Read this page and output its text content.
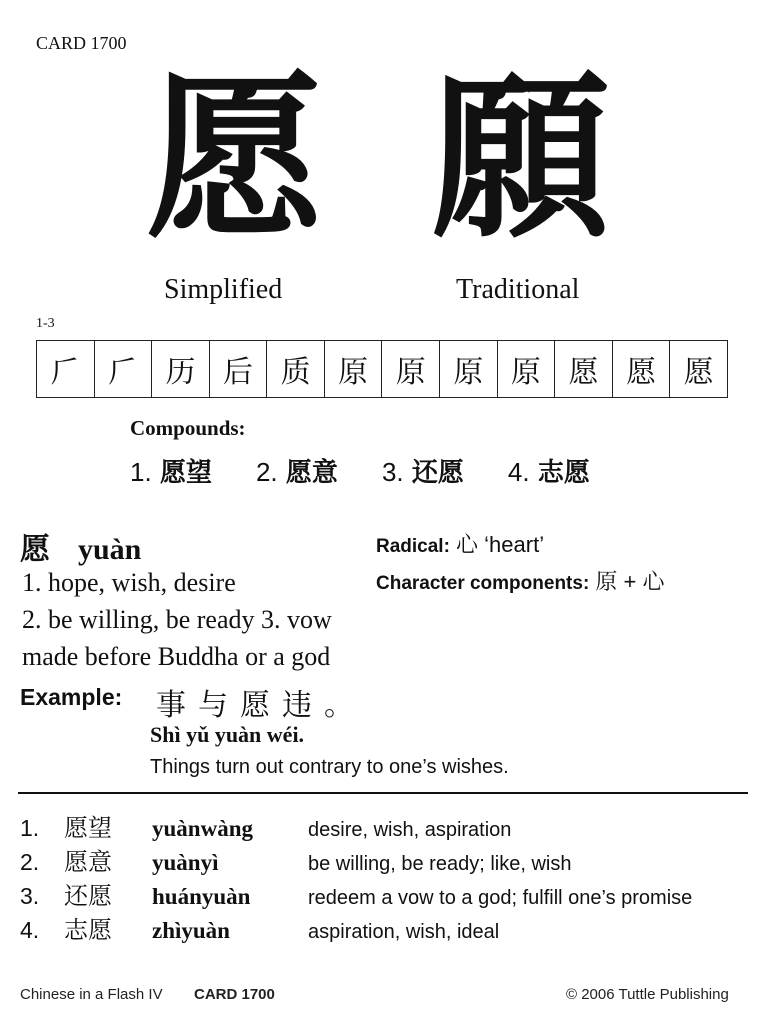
CARD 1700
愿 願
Simplified	Traditional
1-3
𠂆 𠂆 历 后 质 原 原 原 原 愿 愿 愿
Compounds:
1. 愿望 2. 愿意 3. 还愿 4. 志愿
愿 yuàn
1. hope, wish, desire
2. be willing, be ready 3. vow
made before Buddha or a god
Radical: 心 ‘heart’
Character components: 原 + 心
Example: 事与愿违。
Shì yǔ yuàn wéi.
Things turn out contrary to one’s wishes.
1.	愿望	yuànwàng	desire, wish, aspiration
2.	愿意	yuànyì	be willing, be ready; like, wish
3.	还愿	huányuàn	redeem a vow to a god; fulfill one’s promise
4.	志愿	zhìyuàn	aspiration, wish, ideal
Chinese in a Flash IV CARD 1700	© 2006 Tuttle Publishing
